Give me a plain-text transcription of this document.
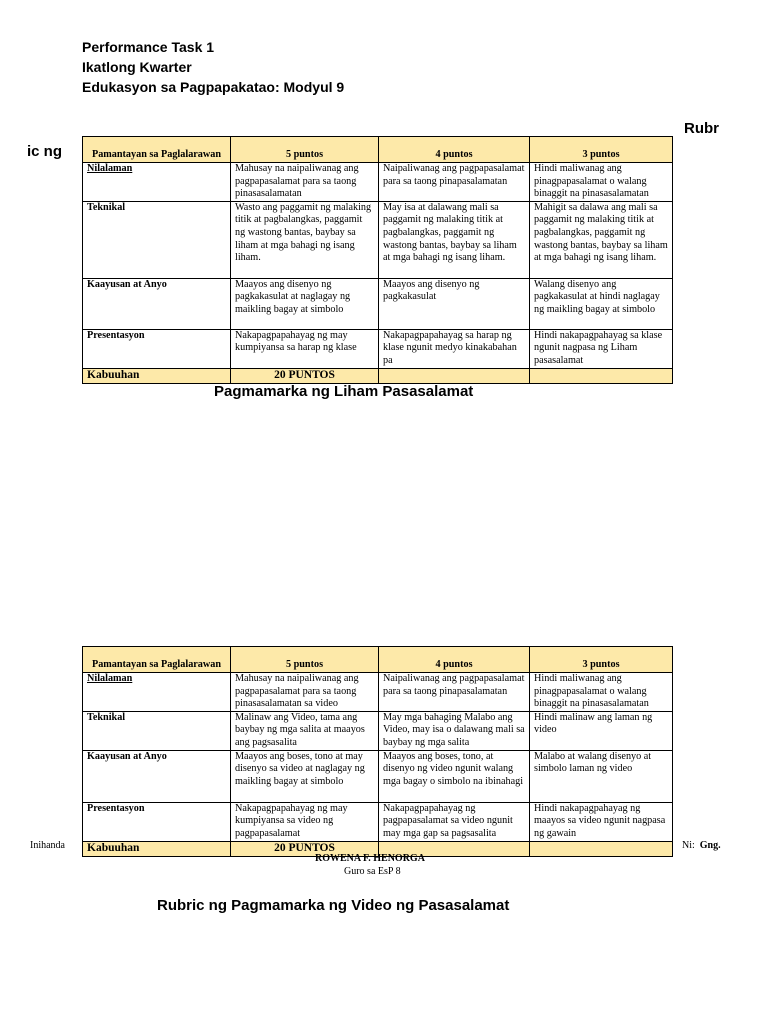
Performance Task 1
Ikatlong Kwarter
Edukasyon sa Pagpapakatao: Modyul 9
Rubr
ic ng	Pamantayan sa Paglalarawan	5 puntos	4 puntos	3 puntos
Nilalaman	Mahusay na naipaliwanag ang pagpapasalamat para sa taong pinasasalamatan	Naipaliwanag ang pagpapasalamat para sa taong pinapasalamatan	Hindi maliwanag ang pinagpapasalamat o walang binaggit na pinasasalamatan
Teknikal	Wasto ang paggamit ng malaking titik at pagbalangkas, paggamit ng wastong bantas, baybay sa liham at mga bahagi ng isang liham.	May isa at dalawang mali sa paggamit ng malaking titik at pagbalangkas, paggamit ng wastong bantas, baybay sa liham at mga bahagi ng isang liham.	Mahigit sa dalawa ang mali sa paggamit ng malaking titik at pagbalangkas, paggamit ng wastong bantas, baybay sa liham at mga bahagi ng isang liham.
Kaayusan at Anyo	Maayos ang disenyo ng pagkakasulat at naglagay ng maikling bagay at simbolo	Maayos ang disenyo ng pagkakasulat	Walang disenyo ang pagkakasulat at hindi naglagay ng maikling bagay at simbolo
Presentasyon	Nakapagpapahayag ng may kumpiyansa sa harap ng klase	Nakapagpapahayag sa harap ng klase ngunit medyo kinakabahan pa	Hindi nakapagpahayag sa klase ngunit nagpasa ng Liham pasasalamat
Kabuuhan	20 PUNTOS		
Pagmamarka ng Liham Pasasalamat
Pamantayan sa Paglalarawan	5 puntos	4 puntos	3 puntos
Nilalaman	Mahusay na naipaliwanag ang pagpapasalamat para sa taong pinasasalamatan sa video	Naipaliwanag ang pagpapasalamat para sa taong pinapasalamatan	Hindi maliwanag ang pinagpapasalamat o walang binaggit na pinasasalamatan
Teknikal	Malinaw ang Video, tama ang baybay ng mga salita at maayos ang pagsasalita	May mga bahaging Malabo ang Video, may isa o dalawang mali sa baybay ng mga salita	Hindi malinaw ang laman ng video
Kaayusan at Anyo	Maayos ang boses, tono at may disenyo sa video at naglagay ng maikling bagay at simbolo	Maayos ang boses, tono, at disenyo ng video ngunit walang mga bagay o simbolo na ibinahagi	Malabo at walang disenyo at simbolo laman ng video
Presentasyon	Nakapagpapahayag ng may kumpiyansa sa video ng pagpapasalamat	Nakapagpapahayag ng pagpapasalamat sa video ngunit may mga gap sa pagsasalita	Hindi nakapagpahayag ng maayos sa video ngunit nagpasa ng gawain
Kabuuhan	20 PUNTOS		
Inihanda	Ni: Gng.
ROWENA F. HENORGA
Guro sa EsP 8
Rubric ng Pagmamarka ng Video ng Pasasalamat
